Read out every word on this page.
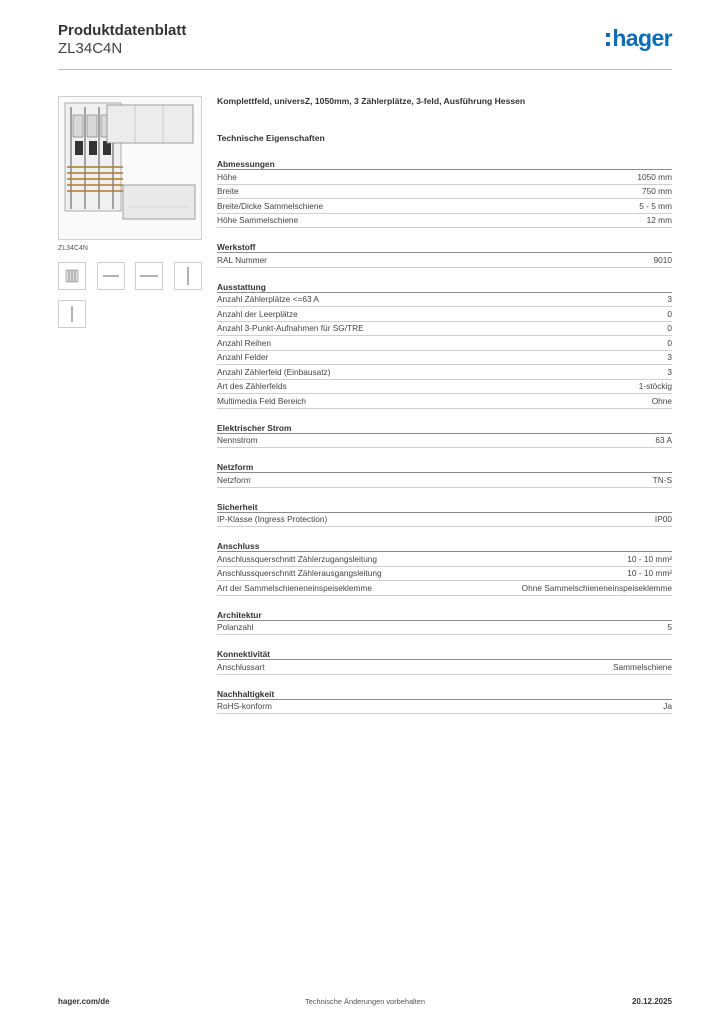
Produktdatenblatt
ZL34C4N	hager
ZL34C4N
Komplettfeld, universZ, 1050mm, 3 Zählerplätze, 3-feld, Ausführung Hessen
Technische Eigenschaften
Abmessungen
Höhe	1050 mm
Breite	750 mm
Breite/Dicke Sammelschiene	5 - 5 mm
Höhe Sammelschiene	12 mm
Werkstoff
RAL Nummer	9010
Ausstattung
Anzahl Zählerplätze <=63 A	3
Anzahl der Leerplätze	0
Anzahl 3-Punkt-Aufnahmen für SG/TRE	0
Anzahl Reihen	0
Anzahl Felder	3
Anzahl Zählerfeld (Einbausatz)	3
Art des Zählerfelds	1-stöckig
Multimedia Feld Bereich	Ohne
Elektrischer Strom
Nennstrom	63 A
Netzform
Netzform	TN-S
Sicherheit
IP-Klasse (Ingress Protection)	IP00
Anschluss
Anschlussquerschnitt Zählerzugangsleitung	10 - 10 mm²
Anschlussquerschnitt Zählerausgangsleitung	10 - 10 mm²
Art der Sammelschieneneinspeiseklemme	Ohne Sammelschieneneinspeiseklemme
Architektur
Polanzahl	5
Konnektivität
Anschlussart	Sammelschiene
Nachhaltigkeit
RoHS-konform	Ja
hager.com/de	Technische Änderungen vorbehalten	20.12.2025
